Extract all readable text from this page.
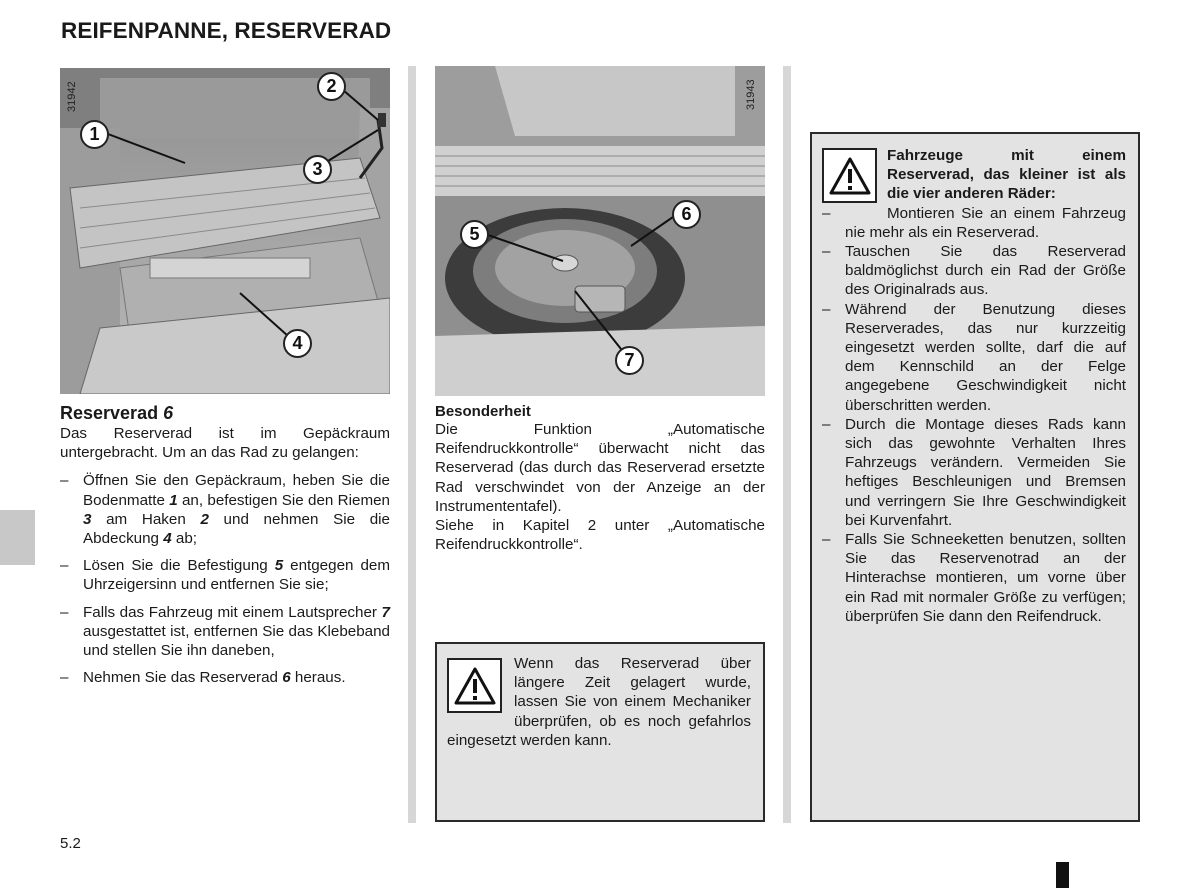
REIFENPANNE, RESERVERAD
31942
1
2
3
4
31943
5
6
7
Reserverad 6
Das Reserverad ist im Gepäckraum untergebracht. Um an das Rad zu gelangen:
– Öffnen Sie den Gepäckraum, heben Sie die Bodenmatte 1 an, befestigen Sie den Riemen 3 am Haken 2 und nehmen Sie die Abdeckung 4 ab;
– Lösen Sie die Befestigung 5 entgegen dem Uhrzeigersinn und entfernen Sie sie;
– Falls das Fahrzeug mit einem Lautsprecher 7 ausgestattet ist, entfernen Sie das Klebeband und stellen Sie ihn daneben,
– Nehmen Sie das Reserverad 6 heraus.
Besonderheit
Die Funktion „Automatische Reifendruckkontrolle“ überwacht nicht das Reserverad (das durch das Reserverad ersetzte Rad verschwindet von der Anzeige an der Instrumententafel).
Siehe in Kapitel 2 unter „Automatische Reifendruckkontrolle“.
Wenn das Reserverad über längere Zeit gelagert wurde, lassen Sie von einem Mechaniker überprüfen, ob es noch gefahrlos eingesetzt werden kann.
Fahrzeuge mit einem Reserverad, das kleiner ist als die vier anderen Räder:
– Montieren Sie an einem Fahrzeug nie mehr als ein Reserverad.
– Tauschen Sie das Reserverad baldmöglichst durch ein Rad der Größe des Originalrads aus.
– Während der Benutzung dieses Reserverades, das nur kurzzeitig eingesetzt werden sollte, darf die auf dem Kennschild an der Felge angegebene Geschwindigkeit nicht überschritten werden.
– Durch die Montage dieses Rads kann sich das gewohnte Verhalten Ihres Fahrzeugs verändern. Vermeiden Sie heftiges Beschleunigen und Bremsen und verringern Sie Ihre Geschwindigkeit bei Kurvenfahrt.
– Falls Sie Schneeketten benutzen, sollten Sie das Reservenotrad an der Hinterachse montieren, um vorne über ein Rad mit normaler Größe zu verfügen; überprüfen Sie dann den Reifendruck.
5.2
